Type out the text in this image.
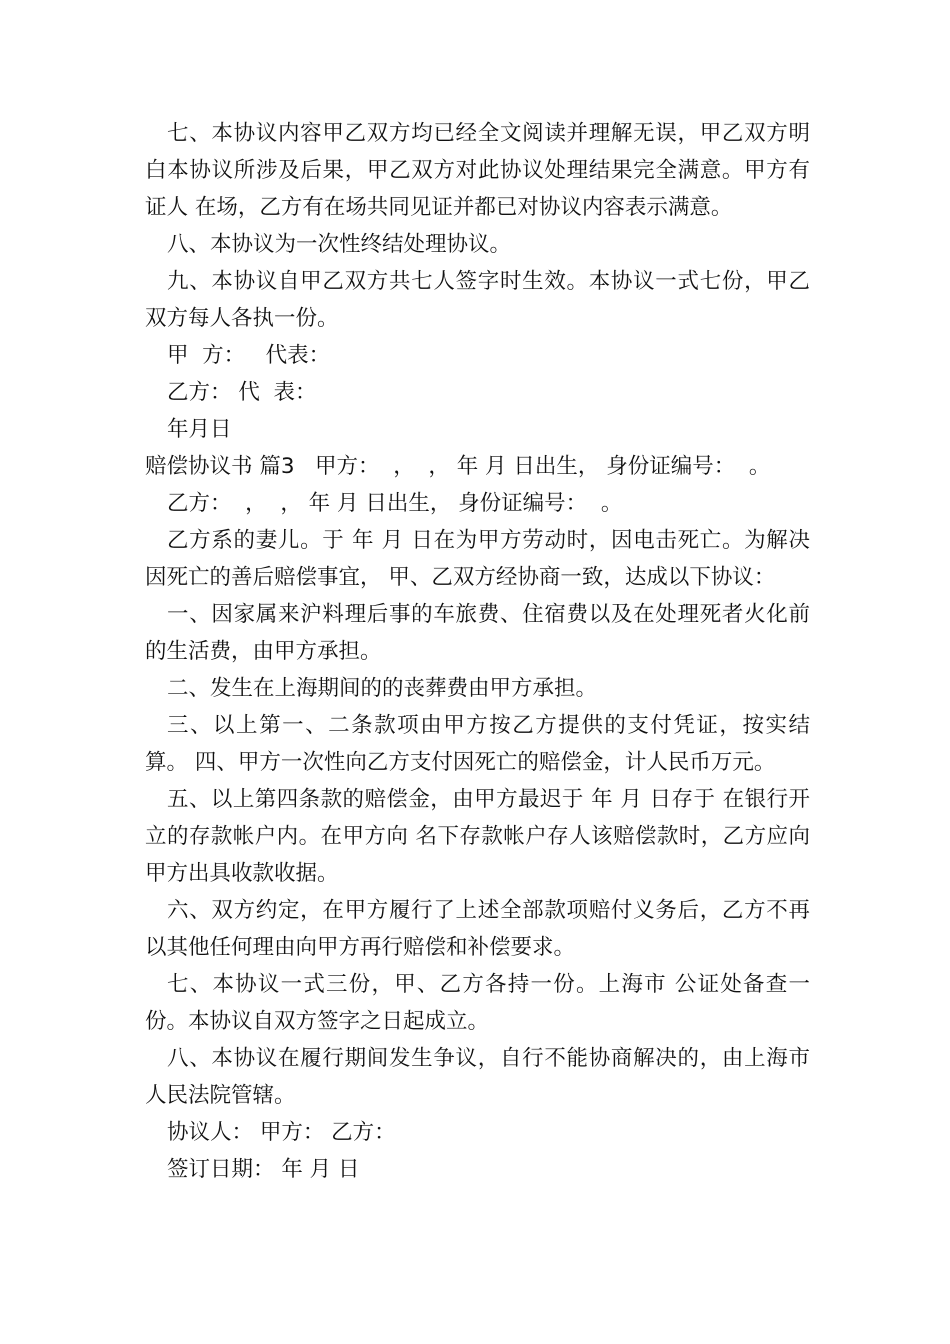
七、本协议内容甲乙双方均已经全文阅读并理解无误，甲乙双方明白本协议所涉及后果，甲乙双方对此协议处理结果完全满意。甲方有证人 在场，乙方有在场共同见证并都已对协议内容表示满意。

八、本协议为一次性终结处理协议。

九、本协议自甲乙双方共七人签字时生效。本协议一式七份，甲乙双方每人各执一份。

甲  方：   代表：

乙方： 代  表：

年月日

赔偿协议书 篇3 甲方：  ，  ， 年 月 日出生， 身份证编号：  。

乙方：  ，  ， 年 月 日出生， 身份证编号：  。

乙方系的妻儿。于 年 月 日在为甲方劳动时，因电击死亡。为解决因死亡的善后赔偿事宜， 甲、乙双方经协商一致，达成以下协议：

一、因家属来沪料理后事的车旅费、住宿费以及在处理死者火化前的生活费，由甲方承担。

二、发生在上海期间的的丧葬费由甲方承担。

三、以上第一、二条款项由甲方按乙方提供的支付凭证，按实结算。 四、甲方一次性向乙方支付因死亡的赔偿金，计人民币万元。

五、以上第四条款的赔偿金，由甲方最迟于 年 月 日存于 在银行开立的存款帐户内。在甲方向 名下存款帐户存人该赔偿款时，乙方应向甲方出具收款收据。

六、双方约定，在甲方履行了上述全部款项赔付义务后，乙方不再以其他任何理由向甲方再行赔偿和补偿要求。

七、本协议一式三份，甲、乙方各持一份。上海市 公证处备查一份。本协议自双方签字之日起成立。

八、本协议在履行期间发生争议，自行不能协商解决的，由上海市人民法院管辖。

协议人： 甲方： 乙方：

签订日期： 年 月 日
